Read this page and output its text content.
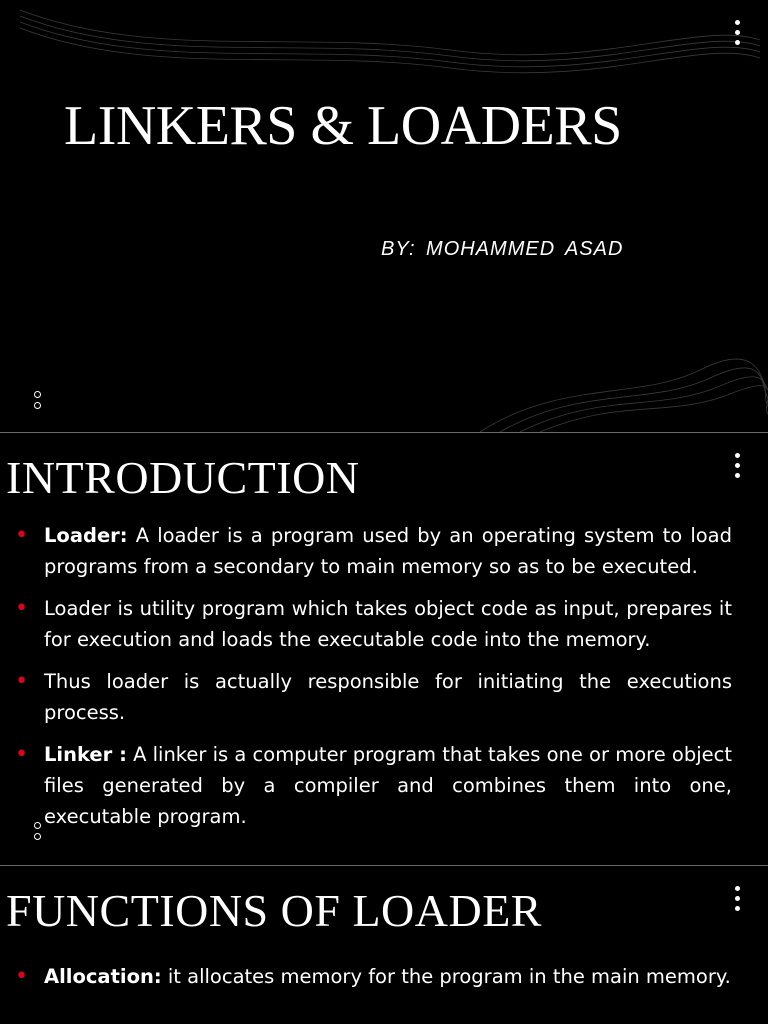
LINKERS & LOADERS
BY: MOHAMMED ASAD
INTRODUCTION
• Loader: A loader is a program used by an operating system to load programs from a secondary to main memory so as to be executed.
• Loader is utility program which takes object code as input, prepares it for execution and loads the executable code into the memory.
• Thus loader is actually responsible for initiating the executions process.
• Linker : A linker is a computer program that takes one or more object files generated by a compiler and combines them into one, executable program.
FUNCTIONS OF LOADER
• Allocation: it allocates memory for the program in the main memory.
